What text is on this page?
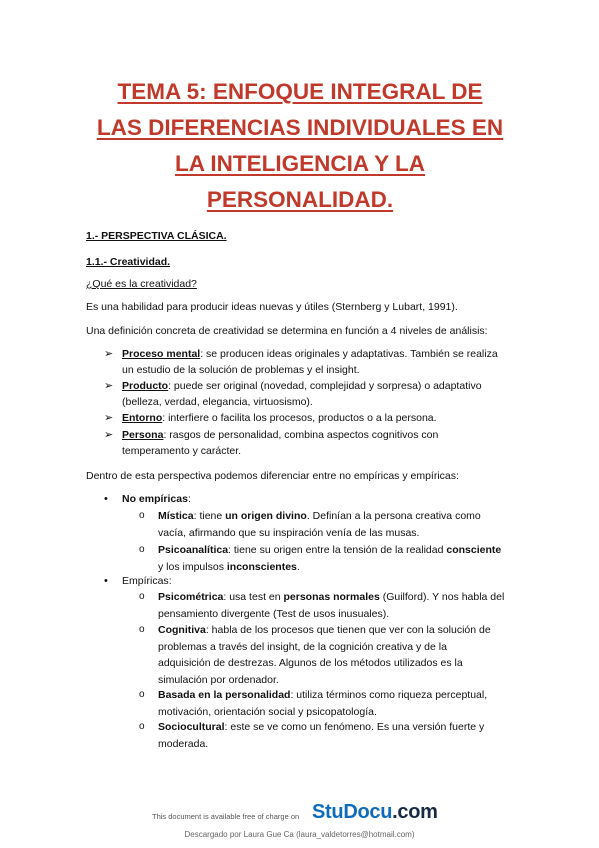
TEMA 5: ENFOQUE INTEGRAL DE
LAS DIFERENCIAS INDIVIDUALES EN
LA INTELIGENCIA Y LA
PERSONALIDAD.
1.- PERSPECTIVA CLÁSICA.
1.1.- Creatividad.
¿Qué es la creatividad?
Es una habilidad para producir ideas nuevas y útiles (Sternberg y Lubart, 1991).
Una definición concreta de creatividad se determina en función a 4 niveles de análisis:
➢ Proceso mental: se producen ideas originales y adaptativas. También se realiza
un estudio de la solución de problemas y el insight.
➢ Producto: puede ser original (novedad, complejidad y sorpresa) o adaptativo
(belleza, verdad, elegancia, virtuosismo).
➢ Entorno: interfiere o facilita los procesos, productos o a la persona.
➢ Persona: rasgos de personalidad, combina aspectos cognitivos con
temperamento y carácter.
Dentro de esta perspectiva podemos diferenciar entre no empíricas y empíricas:
• No empíricas:
o Mística: tiene un origen divino. Definían a la persona creativa como
vacía, afirmando que su inspiración venía de las musas.
o Psicoanalítica: tiene su origen entre la tensión de la realidad consciente
y los impulsos inconscientes.
• Empíricas:
o Psicométrica: usa test en personas normales (Guilford). Y nos habla del
pensamiento divergente (Test de usos inusuales).
o Cognitiva: habla de los procesos que tienen que ver con la solución de
problemas a través del insight, de la cognición creativa y de la
adquisición de destrezas. Algunos de los métodos utilizados es la
simulación por ordenador.
o Basada en la personalidad: utiliza términos como riqueza perceptual,
motivación, orientación social y psicopatología.
o Sociocultural: este se ve como un fenómeno. Es una versión fuerte y
moderada.
This document is available free of charge on StuDocu.com
Descargado por Laura Gue Ca (laura_valdetorres@hotmail.com)
